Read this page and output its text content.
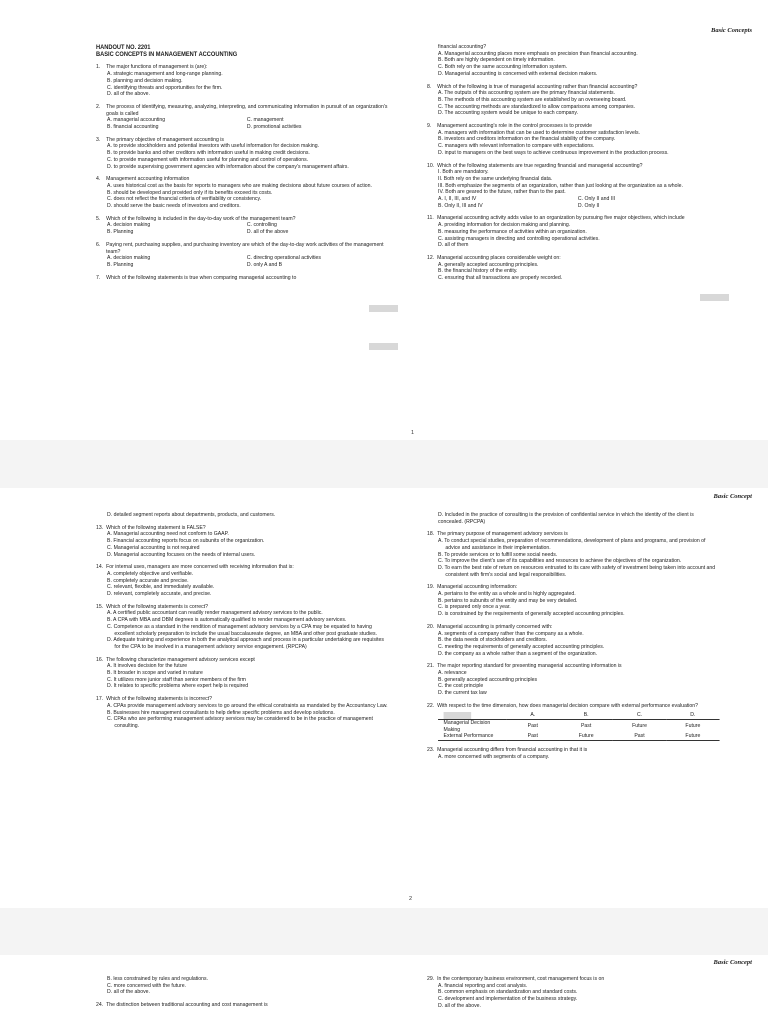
Basic Concepts
HANDOUT NO. 2201
BASIC CONCEPTS IN MANAGEMENT ACCOUNTING
1. The major functions of management is (are):
A. strategic management and long-range planning.
B. planning and decision making.
C. identifying threats and opportunities for the firm.
D. all of the above.
2. The process of identifying, measuring, analyzing, interpreting, and communicating information in pursuit of an organization's goals is called
A. managerial accounting	C. management
B. financial accounting	D. promotional activities
3. The primary objective of management accounting is
A. to provide stockholders and potential investors with useful information for decision making.
B. to provide banks and other creditors with information useful in making credit decisions.
C. to provide management with information useful for planning and control of operations.
D. to provide supervising government agencies with information about the company's management affairs.
4. Management accounting information
A. uses historical cost as the basis for reports to managers who are making decisions about future courses of action.
B. should be developed and provided only if its benefits exceed its costs.
C. does not reflect the financial criteria of verifiability or consistency.
D. should serve the basic needs of investors and creditors.
5. Which of the following is included in the day-to-day work of the management team?
A. decision making	C. controlling
B. Planning	D. all of the above
6. Paying rent, purchasing supplies, and purchasing inventory are which of the day-to-day work activities of the management team?
A. decision making	C. directing operational activities
B. Planning	D. only A and B
7. Which of the following statements is true when comparing managerial accounting to
financial accounting?
A. Managerial accounting places more emphasis on precision than financial accounting.
B. Both are highly dependent on timely information.
C. Both rely on the same accounting information system.
D. Managerial accounting is concerned with external decision makers.
8. Which of the following is true of managerial accounting rather than financial accounting?
A. The outputs of this accounting system are the primary financial statements.
B. The methods of this accounting system are established by an overseeing board.
C. The accounting methods are standardized to allow comparisons among companies.
D. The accounting system would be unique to each company.
9. Management accounting's role in the control processes is to provide
A. managers with information that can be used to determine customer satisfaction levels.
B. investors and creditors information on the financial stability of the company.
C. managers with relevant information to compare with expectations.
D. input to managers on the best ways to achieve continuous improvement in the production process.
10. Which of the following statements are true regarding financial and managerial accounting?
I. Both are mandatory.
II. Both rely on the same underlying financial data.
III. Both emphasize the segments of an organization, rather than just looking at the organization as a whole.
IV. Both are geared to the future, rather than to the past.
A. I, II, III, and IV	C. Only II and III
B. Only II, III and IV	D. Only II
11. Managerial accounting activity adds value to an organization by pursuing five major objectives, which include
A. providing information for decision making and planning.
B. measuring the performance of activities within an organization.
C. assisting managers in directing and controlling operational activities.
D. all of them
12. Managerial accounting places considerable weight on:
A. generally accepted accounting principles.
B. the financial history of the entity.
C. ensuring that all transactions are properly recorded.
1
Basic Concept
D. detailed segment reports about departments, products, and customers.
13. Which of the following statement is FALSE?
A. Managerial accounting need not conform to GAAP.
B. Financial accounting reports focus on subunits of the organization.
C. Managerial accounting is not required
D. Managerial accounting focuses on the needs of internal users.
14. For internal uses, managers are more concerned with receiving information that is:
A. completely objective and verifiable.
B. completely accurate and precise.
C. relevant, flexible, and immediately available.
D. relevant, completely accurate, and precise.
15. Which of the following statements is correct?
A. A certified public accountant can readily render management advisory services to the public.
B. A CPA with MBA and DBM degrees is automatically qualified to render management advisory services.
C. Competence as a standard in the rendition of management advisory services by a CPA may be equated to having excellent scholarly preparation to include the usual baccalaureate degree, an MBA and other post graduate studies.
D. Adequate training and experience in both the analytical approach and process in a particular undertaking are requisites for the CPA to be involved in a management advisory service engagement. (RPCPA)
16. The following characterize management advisory services except
A. It involves decision for the future
B. It broader in scope and varied in nature
C. It utilizes more junior staff than senior members of the firm
D. It relates to specific problems where expert help is required
17. Which of the following statements is incorrect?
A. CPAs provide management advisory services to go around the ethical constraints as mandated by the Accountancy Law.
B. Businesses hire management consultants to help define specific problems and develop solutions.
C. CPAs who are performing management advisory services may be considered to be in the practice of management consulting.
D. Included in the practice of consulting is the provision of confidential service in which the identity of the client is concealed. (RPCPA)
18. The primary purpose of management advisory services is
A. To conduct special studies, preparation of recommendations, development of plans and programs, and provision of advice and assistance in their implementation.
B. To provide services or to fulfill some social needs.
C. To improve the client's use of its capabilities and resources to achieve the objectives of the organization.
D. To earn the best rate of return on resources entrusted to its care with safety of investment being taken into account and consistent with firm's social and legal responsibilities.
19. Managerial accounting information:
A. pertains to the entity as a whole and is highly aggregated.
B. pertains to subunits of the entity and may be very detailed.
C. is prepared only once a year.
D. is constrained by the requirements of generally accepted accounting principles.
20. Managerial accounting is primarily concerned with:
A. segments of a company rather than the company as a whole.
B. the data needs of stockholders and creditors.
C. meeting the requirements of generally accepted accounting principles.
D. the company as a whole rather than a segment of the organization.
21. The major reporting standard for presenting managerial accounting information is
A. relevance
B. generally accepted accounting principles
C. the cost principle
D. the current tax law
22. With respect to the time dimension, how does managerial decision compare with external performance evaluation?
	A.	B.	C.	D.
Managerial Decision Making	Past	Past	Future	Future
External Performance	Past	Future	Past	Future
23. Managerial accounting differs from financial accounting in that it is
A. more concerned with segments of a company.
2
Basic Concept
B. less constrained by rules and regulations.
C. more concerned with the future.
D. all of the above.
24. The distinction between traditional accounting and cost management is
29. In the contemporary business environment, cost management focus is on
A. financial reporting and cost analysis.
B. common emphasis on standardization and standard costs.
C. development and implementation of the business strategy.
D. all of the above.
